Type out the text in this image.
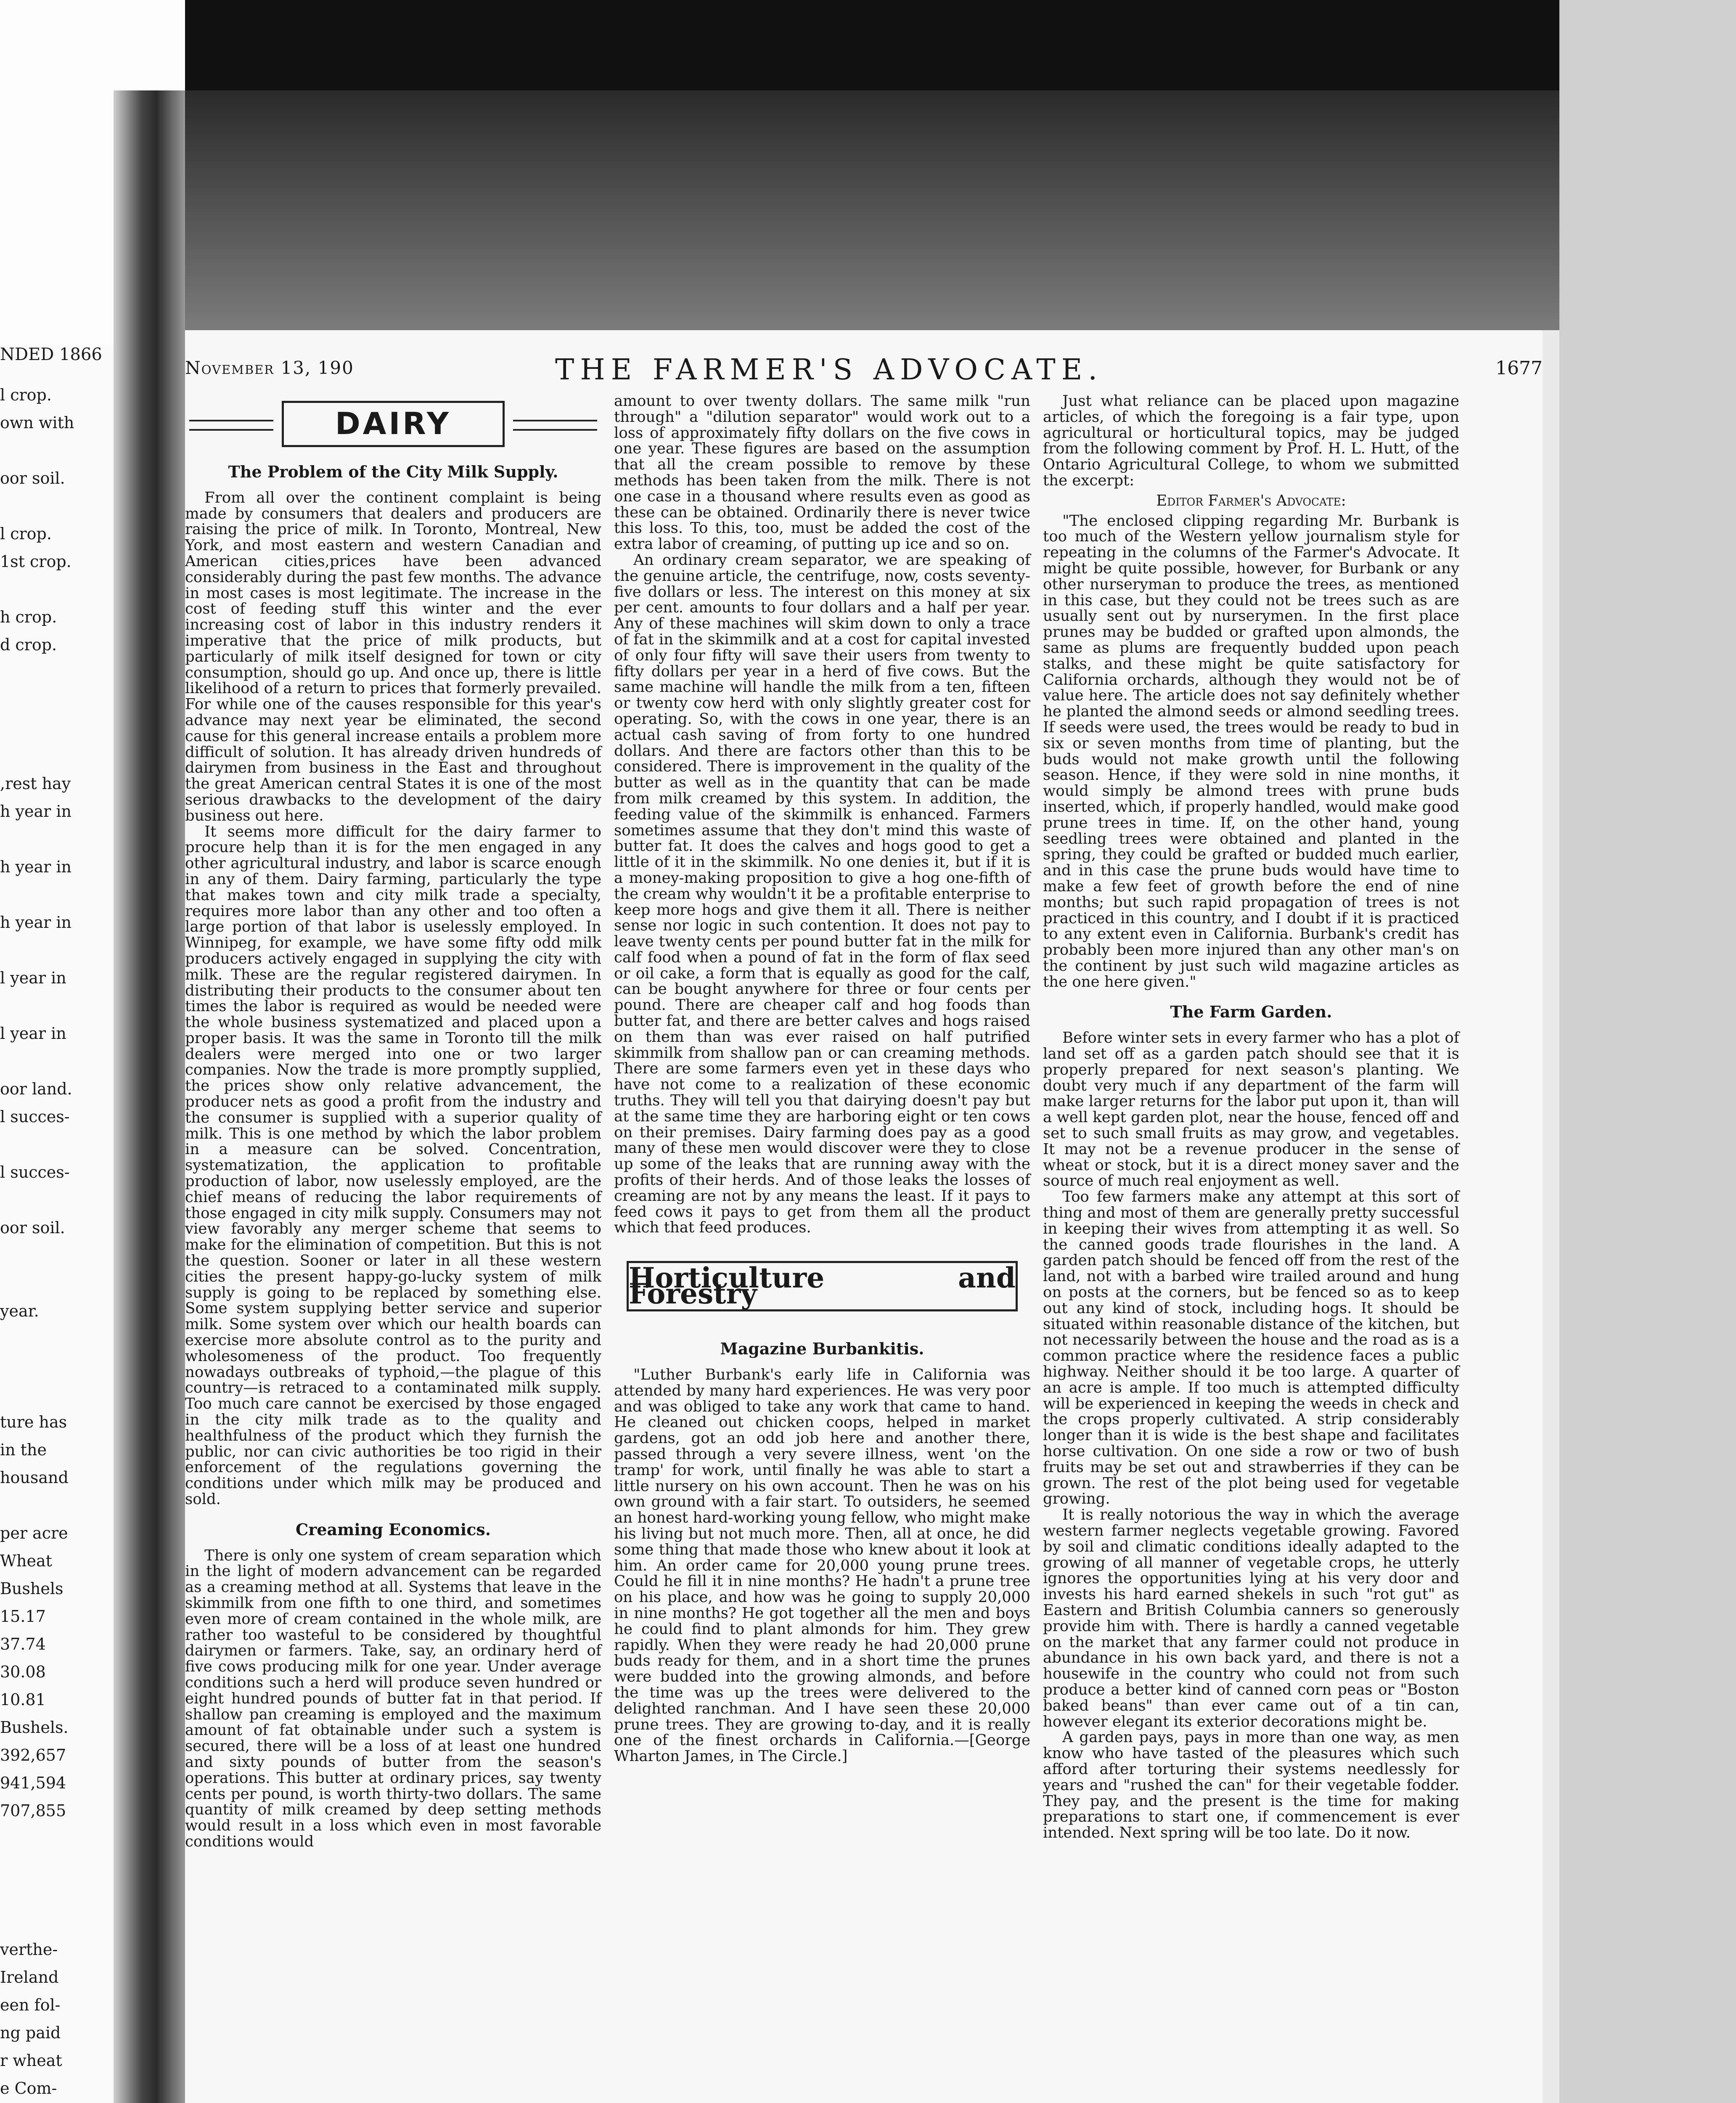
NDED 1866
l crop.
own with

oor soil.

l crop.
1st crop.

h crop.
d crop.

,rest hay
h year in

h year in

h year in

l year in

l year in

oor land.
l succes-

l succes-

oor soil.

year.

ture has
in the
housand

per acre
Wheat
Bushels
15.17
37.74
30.08
10.81
Bushels.
392,657
941,594
707,855

verthe-
Ireland
een fol-
ng paid
r wheat
e Com-

November 13, 190	THE FARMER'S ADVOCATE.	1677
DAIRY
The Problem of the City Milk Supply.

From all over the continent complaint is being made by consumers that dealers and producers are raising the price of milk. In Toronto, Montreal, New York, and most eastern and western Canadian and American cities,prices have been advanced considerably during the past few months. The advance in most cases is most legitimate. The increase in the cost of feeding stuff this winter and the ever increasing cost of labor in this industry renders it imperative that the price of milk products, but particularly of milk itself designed for town or city consumption, should go up. And once up, there is little likelihood of a return to prices that formerly prevailed. For while one of the causes responsible for this year's advance may next year be eliminated, the second cause for this general increase entails a problem more difficult of solution. It has already driven hundreds of dairymen from business in the East and throughout the great American central States it is one of the most serious drawbacks to the development of the dairy business out here.

It seems more difficult for the dairy farmer to procure help than it is for the men engaged in any other agricultural industry, and labor is scarce enough in any of them. Dairy farming, particularly the type that makes town and city milk trade a specialty, requires more labor than any other and too often a large portion of that labor is uselessly employed. In Winnipeg, for example, we have some fifty odd milk producers actively engaged in supplying the city with milk. These are the regular registered dairymen. In distributing their products to the consumer about ten times the labor is required as would be needed were the whole business systematized and placed upon a proper basis. It was the same in Toronto till the milk dealers were merged into one or two larger companies. Now the trade is more promptly supplied, the prices show only relative advancement, the producer nets as good a profit from the industry and the consumer is supplied with a superior quality of milk. This is one method by which the labor problem in a measure can be solved. Concentration, systematization, the application to profitable production of labor, now uselessly employed, are the chief means of reducing the labor requirements of those engaged in city milk supply. Consumers may not view favorably any merger scheme that seems to make for the elimination of competition. But this is not the question. Sooner or later in all these western cities the present happy-go-lucky system of milk supply is going to be replaced by something else. Some system supplying better service and superior milk. Some system over which our health boards can exercise more absolute control as to the purity and wholesomeness of the product. Too frequently nowadays outbreaks of typhoid,—the plague of this country—is retraced to a contaminated milk supply. Too much care cannot be exercised by those engaged in the city milk trade as to the quality and healthfulness of the product which they furnish the public, nor can civic authorities be too rigid in their enforcement of the regulations governing the conditions under which milk may be produced and sold.

Creaming Economics.

There is only one system of cream separation which in the light of modern advancement can be regarded as a creaming method at all. Systems that leave in the skimmilk from one fifth to one third, and sometimes even more of cream contained in the whole milk, are rather too wasteful to be considered by thoughtful dairymen or farmers. Take, say, an ordinary herd of five cows producing milk for one year. Under average conditions such a herd will produce seven hundred or eight hundred pounds of butter fat in that period. If shallow pan creaming is employed and the maximum amount of fat obtainable under such a system is secured, there will be a loss of at least one hundred and sixty pounds of butter from the season's operations. This butter at ordinary prices, say twenty cents per pound, is worth thirty-two dollars. The same quantity of milk creamed by deep setting methods would result in a loss which even in most favorable conditions would

amount to over twenty dollars. The same milk "run through" a "dilution separator" would work out to a loss of approximately fifty dollars on the five cows in one year. These figures are based on the assumption that all the cream possible to remove by these methods has been taken from the milk. There is not one case in a thousand where results even as good as these can be obtained. Ordinarily there is never twice this loss. To this, too, must be added the cost of the extra labor of creaming, of putting up ice and so on.

An ordinary cream separator, we are speaking of the genuine article, the centrifuge, now, costs seventy-five dollars or less. The interest on this money at six per cent. amounts to four dollars and a half per year. Any of these machines will skim down to only a trace of fat in the skimmilk and at a cost for capital invested of only four fifty will save their users from twenty to fifty dollars per year in a herd of five cows. But the same machine will handle the milk from a ten, fifteen or twenty cow herd with only slightly greater cost for operating. So, with the cows in one year, there is an actual cash saving of from forty to one hundred dollars. And there are factors other than this to be considered. There is improvement in the quality of the butter as well as in the quantity that can be made from milk creamed by this system. In addition, the feeding value of the skimmilk is enhanced. Farmers sometimes assume that they don't mind this waste of butter fat. It does the calves and hogs good to get a little of it in the skimmilk. No one denies it, but if it is a money-making proposition to give a hog one-fifth of the cream why wouldn't it be a profitable enterprise to keep more hogs and give them it all. There is neither sense nor logic in such contention. It does not pay to leave twenty cents per pound butter fat in the milk for calf food when a pound of fat in the form of flax seed or oil cake, a form that is equally as good for the calf, can be bought anywhere for three or four cents per pound. There are cheaper calf and hog foods than butter fat, and there are better calves and hogs raised on them than was ever raised on half putrified skimmilk from shallow pan or can creaming methods. There are some farmers even yet in these days who have not come to a realization of these economic truths. They will tell you that dairying doesn't pay but at the same time they are harboring eight or ten cows on their premises. Dairy farming does pay as a good many of these men would discover were they to close up some of the leaks that are running away with the profits of their herds. And of those leaks the losses of creaming are not by any means the least. If it pays to feed cows it pays to get from them all the product which that feed produces.

Horticulture and Forestry
Magazine Burbankitis.

"Luther Burbank's early life in California was attended by many hard experiences. He was very poor and was obliged to take any work that came to hand. He cleaned out chicken coops, helped in market gardens, got an odd job here and another there, passed through a very severe illness, went 'on the tramp' for work, until finally he was able to start a little nursery on his own account. Then he was on his own ground with a fair start. To outsiders, he seemed an honest hard-working young fellow, who might make his living but not much more. Then, all at once, he did some thing that made those who knew about it look at him. An order came for 20,000 young prune trees. Could he fill it in nine months? He hadn't a prune tree on his place, and how was he going to supply 20,000 in nine months? He got together all the men and boys he could find to plant almonds for him. They grew rapidly. When they were ready he had 20,000 prune buds ready for them, and in a short time the prunes were budded into the growing almonds, and before the time was up the trees were delivered to the delighted ranchman. And I have seen these 20,000 prune trees. They are growing to-day, and it is really one of the finest orchards in California.—[George Wharton James, in The Circle.]

Just what reliance can be placed upon magazine articles, of which the foregoing is a fair type, upon agricultural or horticultural topics, may be judged from the following comment by Prof. H. L. Hutt, of the Ontario Agricultural College, to whom we submitted the excerpt:

Editor Farmer's Advocate:

"The enclosed clipping regarding Mr. Burbank is too much of the Western yellow journalism style for repeating in the columns of the Farmer's Advocate. It might be quite possible, however, for Burbank or any other nurseryman to produce the trees, as mentioned in this case, but they could not be trees such as are usually sent out by nurserymen. In the first place prunes may be budded or grafted upon almonds, the same as plums are frequently budded upon peach stalks, and these might be quite satisfactory for California orchards, although they would not be of value here. The article does not say definitely whether he planted the almond seeds or almond seedling trees. If seeds were used, the trees would be ready to bud in six or seven months from time of planting, but the buds would not make growth until the following season. Hence, if they were sold in nine months, it would simply be almond trees with prune buds inserted, which, if properly handled, would make good prune trees in time. If, on the other hand, young seedling trees were obtained and planted in the spring, they could be grafted or budded much earlier, and in this case the prune buds would have time to make a few feet of growth before the end of nine months; but such rapid propagation of trees is not practiced in this country, and I doubt if it is practiced to any extent even in California. Burbank's credit has probably been more injured than any other man's on the continent by just such wild magazine articles as the one here given."

The Farm Garden.

Before winter sets in every farmer who has a plot of land set off as a garden patch should see that it is properly prepared for next season's planting. We doubt very much if any department of the farm will make larger returns for the labor put upon it, than will a well kept garden plot, near the house, fenced off and set to such small fruits as may grow, and vegetables. It may not be a revenue producer in the sense of wheat or stock, but it is a direct money saver and the source of much real enjoyment as well.

Too few farmers make any attempt at this sort of thing and most of them are generally pretty successful in keeping their wives from attempting it as well. So the canned goods trade flourishes in the land. A garden patch should be fenced off from the rest of the land, not with a barbed wire trailed around and hung on posts at the corners, but be fenced so as to keep out any kind of stock, including hogs. It should be situated within reasonable distance of the kitchen, but not necessarily between the house and the road as is a common practice where the residence faces a public highway. Neither should it be too large. A quarter of an acre is ample. If too much is attempted difficulty will be experienced in keeping the weeds in check and the crops properly cultivated. A strip considerably longer than it is wide is the best shape and facilitates horse cultivation. On one side a row or two of bush fruits may be set out and strawberries if they can be grown. The rest of the plot being used for vegetable growing.

It is really notorious the way in which the average western farmer neglects vegetable growing. Favored by soil and climatic conditions ideally adapted to the growing of all manner of vegetable crops, he utterly ignores the opportunities lying at his very door and invests his hard earned shekels in such "rot gut" as Eastern and British Columbia canners so generously provide him with. There is hardly a canned vegetable on the market that any farmer could not produce in abundance in his own back yard, and there is not a housewife in the country who could not from such produce a better kind of canned corn peas or "Boston baked beans" than ever came out of a tin can, however elegant its exterior decorations might be.

A garden pays, pays in more than one way, as men know who have tasted of the pleasures which such afford after torturing their systems needlessly for years and "rushed the can" for their vegetable fodder. They pay, and the present is the time for making preparations to start one, if commencement is ever intended. Next spring will be too late. Do it now.
